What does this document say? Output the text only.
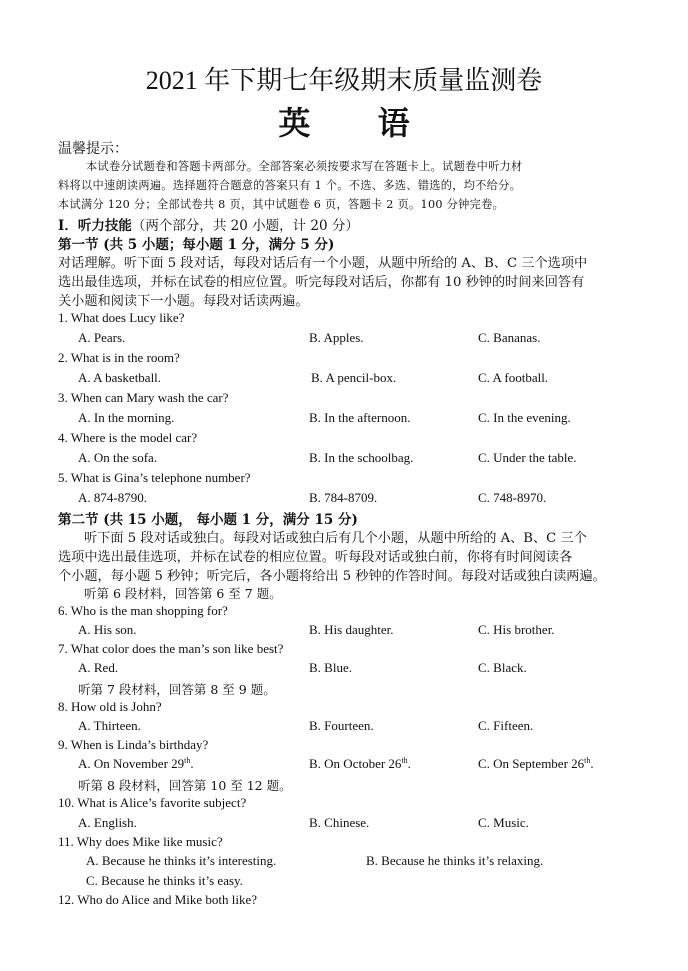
2021 年下期七年级期末质量监测卷
英 语
温馨提示：
本试卷分试题卷和答题卡两部分。全部答案必须按要求写在答题卡上。试题卷中听力材
料将以中速朗读两遍。选择题符合题意的答案只有 1 个。不选、多选、错选的，均不给分。
本试满分 120 分；全部试卷共 8 页，其中试题卷 6 页，答题卡 2 页。100 分钟完卷。
I．听力技能（两个部分，共 20 小题，计 20 分）
第一节 (共 5 小题；每小题 1 分，满分 5 分)
对话理解。听下面 5 段对话，每段对话后有一个小题，从题中所给的 A、B、C 三个选项中
选出最佳选项，并标在试卷的相应位置。听完每段对话后，你都有 10 秒钟的时间来回答有
关小题和阅读下一小题。每段对话读两遍。
1. What does Lucy like?
A. Pears.	B. Apples.	C. Bananas.
2. What is in the room?
A. A basketball.	B. A pencil-box.	C. A football.
3. When can Mary wash the car?
A. In the morning.	B. In the afternoon.	C. In the evening.
4. Where is the model car?
A. On the sofa.	B. In the schoolbag.	C. Under the table.
5. What is Gina’s telephone number?
A. 874-8790.	B. 784-8709.	C. 748-8970.
第二节 (共 15 小题， 每小题 1 分，满分 15 分)
听下面 5 段对话或独白。每段对话或独白后有几个小题，从题中所给的 A、B、C 三个
选项中选出最佳选项，并标在试卷的相应位置。听每段对话或独白前，你将有时间阅读各
个小题，每小题 5 秒钟；听完后，各小题将给出 5 秒钟的作答时间。每段对话或独白读两遍。
听第 6 段材料，回答第 6 至 7 题。
6. Who is the man shopping for?
A. His son.	B. His daughter.	C. His brother.
7. What color does the man’s son like best?
A. Red.	B. Blue.	C. Black.
听第 7 段材料，回答第 8 至 9 题。
8. How old is John?
A. Thirteen.	B. Fourteen.	C. Fifteen.
9. When is Linda’s birthday?
A. On November 29th.	B. On October 26th.	C. On September 26th.
听第 8 段材料，回答第 10 至 12 题。
10. What is Alice’s favorite subject?
A. English.	B. Chinese.	C. Music.
11. Why does Mike like music?
A. Because he thinks it’s interesting.	B. Because he thinks it’s relaxing.
C. Because he thinks it’s easy.
12. Who do Alice and Mike both like?
